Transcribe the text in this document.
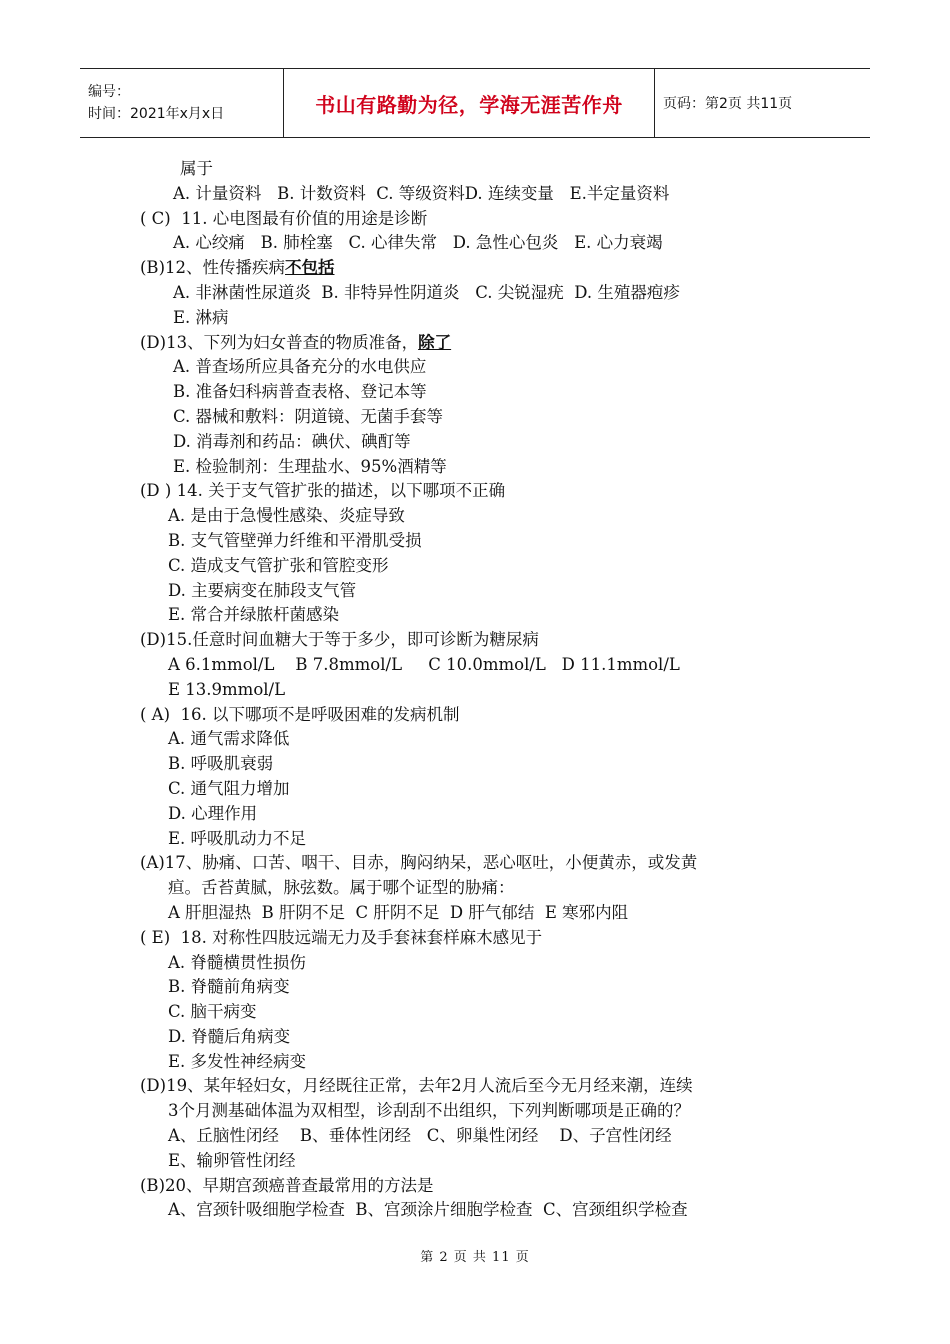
编号：
时间：2021年x月x日	书山有路勤为径，学海无涯苦作舟	页码：第2页 共11页
属于
A. 计量资料   B. 计数资料  C. 等级资料D. 连续变量   E.半定量资料
( C)  11. 心电图最有价值的用途是诊断
A. 心绞痛   B. 肺栓塞   C. 心律失常   D. 急性心包炎   E. 心力衰竭
(B)12、性传播疾病不包括
A. 非淋菌性尿道炎  B. 非特异性阴道炎   C. 尖锐湿疣  D. 生殖器疱疹
E. 淋病
(D)13、下列为妇女普查的物质准备，除了
A. 普查场所应具备充分的水电供应
B. 准备妇科病普查表格、登记本等
C. 器械和敷料：阴道镜、无菌手套等
D. 消毒剂和药品：碘伏、碘酊等
E. 检验制剂：生理盐水、95%酒精等
(D ) 14. 关于支气管扩张的描述，以下哪项不正确
A. 是由于急慢性感染、炎症导致
B. 支气管壁弹力纤维和平滑肌受损
C. 造成支气管扩张和管腔变形
D. 主要病变在肺段支气管
E. 常合并绿脓杆菌感染
(D)15.任意时间血糖大于等于多少，即可诊断为糖尿病
A 6.1mmol/L    B 7.8mmol/L     C 10.0mmol/L   D 11.1mmol/L
E 13.9mmol/L
( A)  16. 以下哪项不是呼吸困难的发病机制
A. 通气需求降低
B. 呼吸肌衰弱
C. 通气阻力增加
D. 心理作用
E. 呼吸肌动力不足
(A)17、胁痛、口苦、咽干、目赤，胸闷纳呆，恶心呕吐，小便黄赤，或发黄
疸。舌苔黄腻，脉弦数。属于哪个证型的胁痛：
A 肝胆湿热  B 肝阴不足  C 肝阴不足  D 肝气郁结  E 寒邪内阻
( E)  18. 对称性四肢远端无力及手套袜套样麻木感见于
A. 脊髓横贯性损伤
B. 脊髓前角病变
C. 脑干病变
D. 脊髓后角病变
E. 多发性神经病变
(D)19、某年轻妇女，月经既往正常，去年2月人流后至今无月经来潮，连续
3个月测基础体温为双相型，诊刮刮不出组织，下列判断哪项是正确的？
A、丘脑性闭经    B、垂体性闭经   C、卵巢性闭经    D、子宫性闭经
E、输卵管性闭经
(B)20、早期宫颈癌普查最常用的方法是
A、宫颈针吸细胞学检查  B、宫颈涂片细胞学检查  C、宫颈组织学检查
第 2 页 共 11 页
